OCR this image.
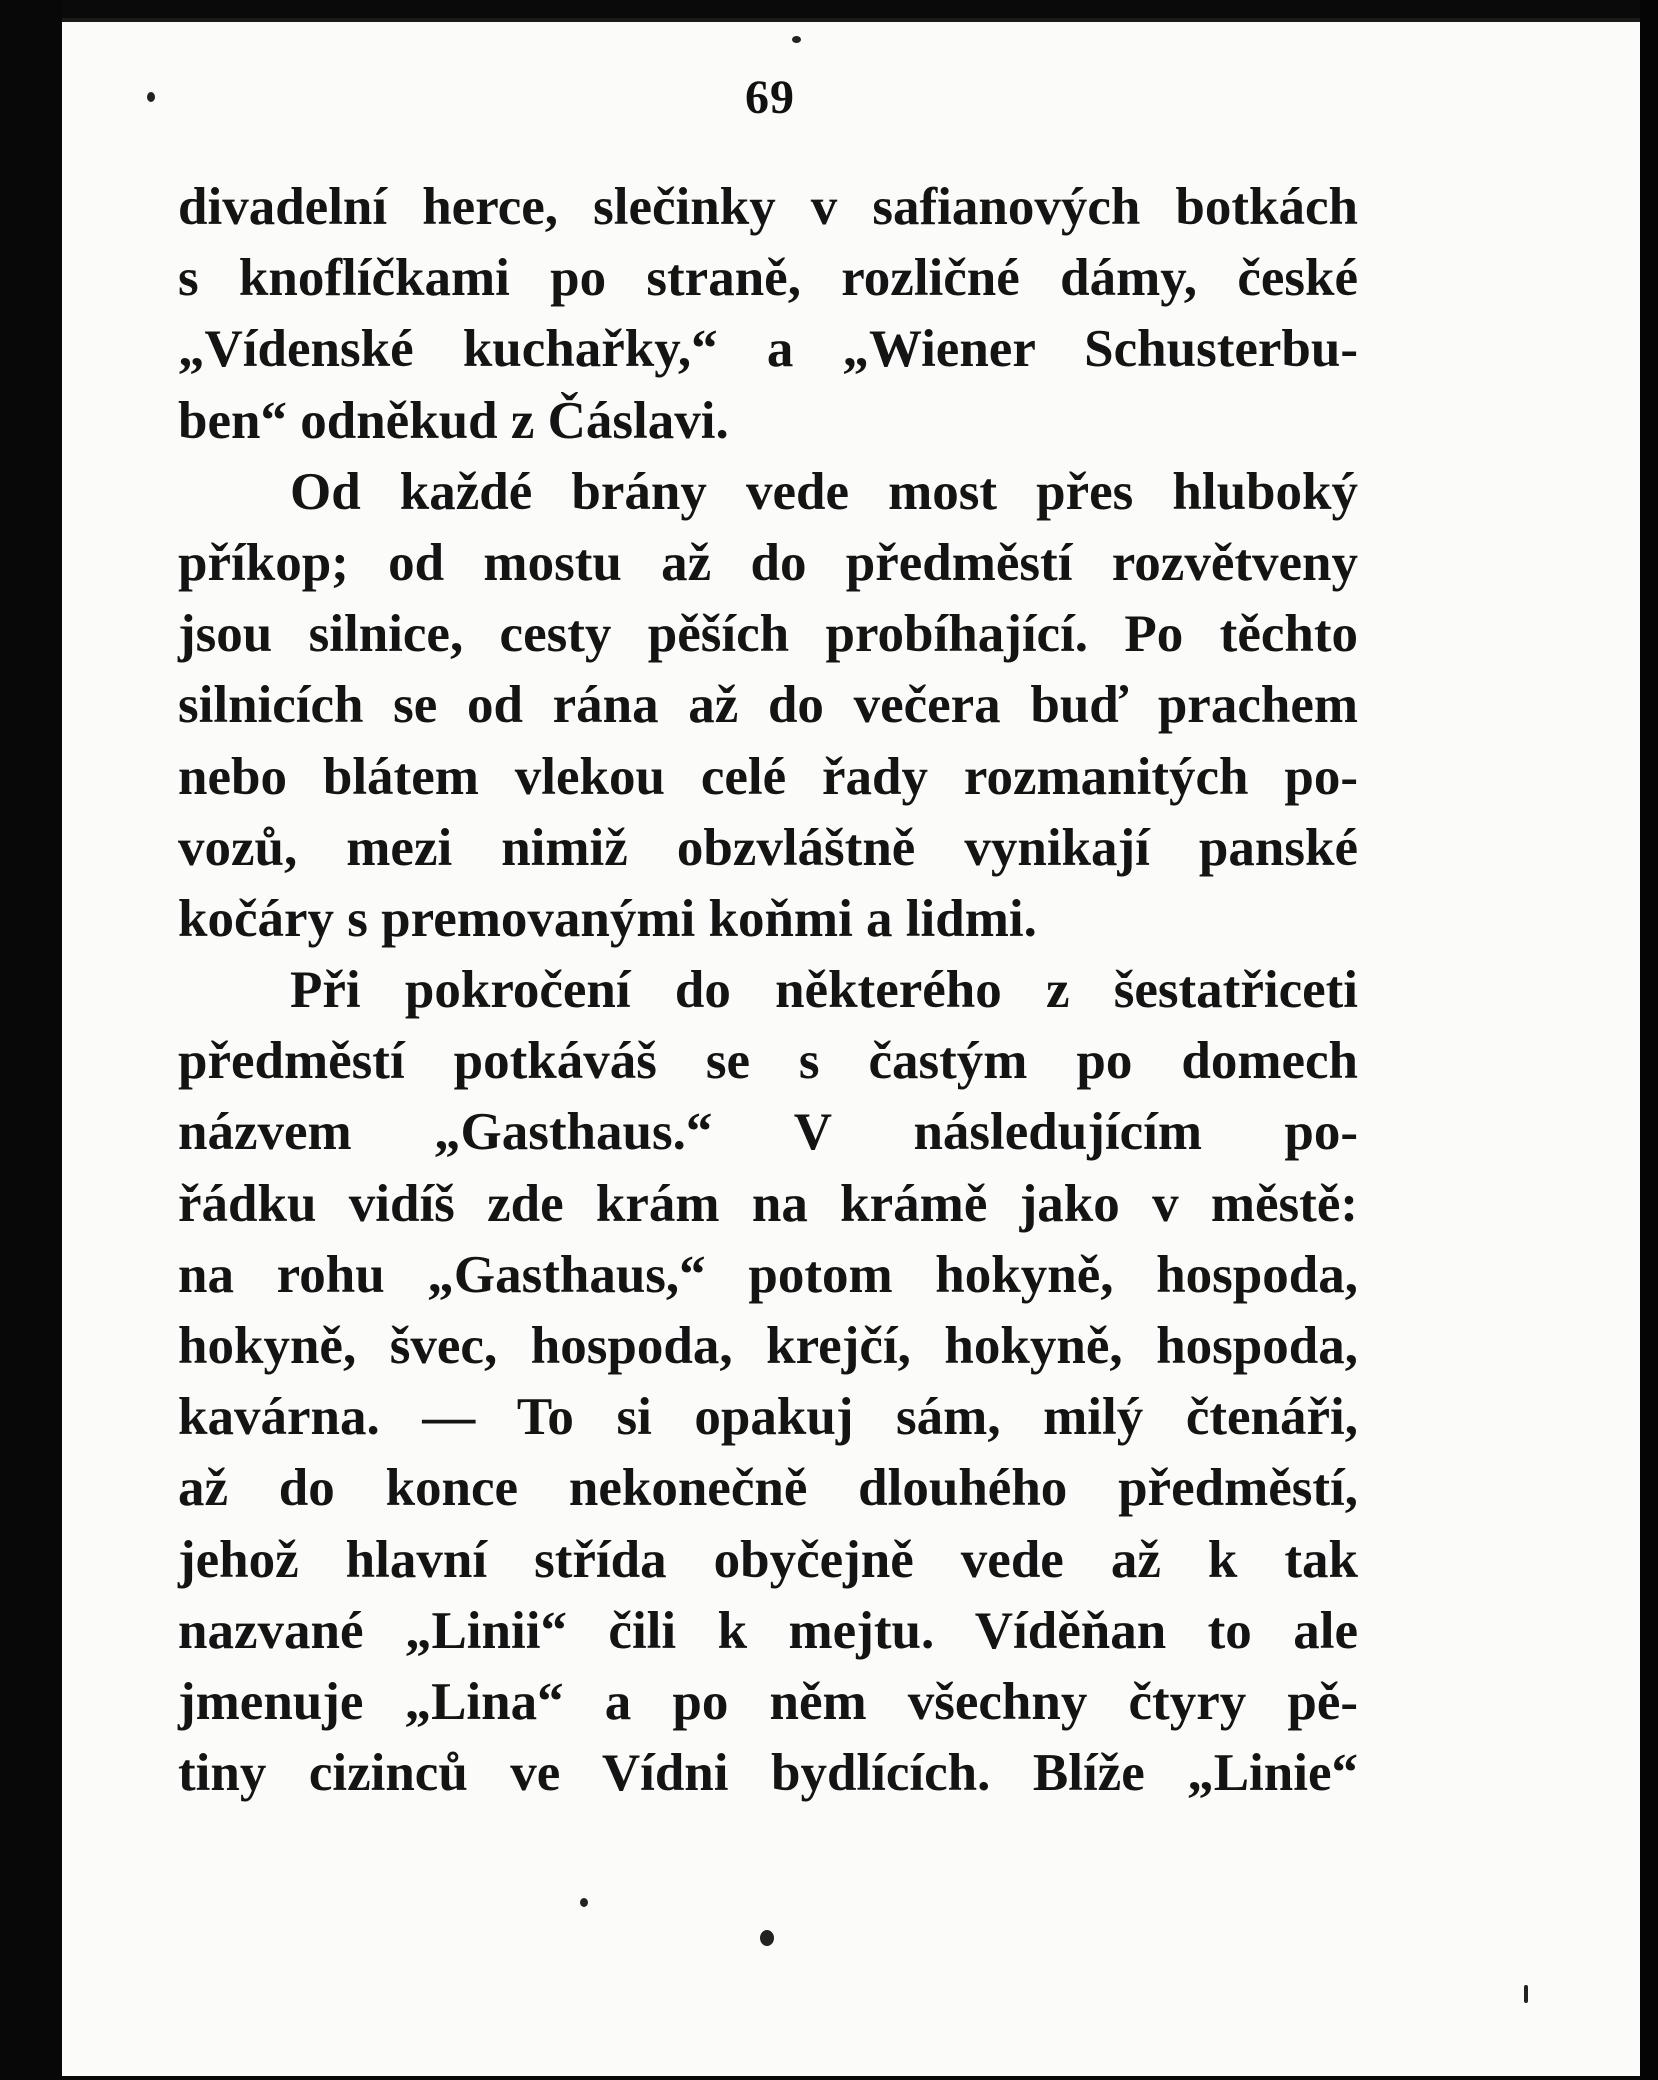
69
divadelní herce, slečinky v safianových botkách
s knoflíčkami po straně, rozličné dámy, české
„Vídenské kuchařky,“ a „Wiener Schusterbu-
ben“ odněkud z Čáslavi.
Od každé brány vede most přes hluboký
příkop; od mostu až do předměstí rozvětveny
jsou silnice, cesty pěších probíhající. Po těchto
silnicích se od rána až do večera buď prachem
nebo blátem vlekou celé řady rozmanitých po-
vozů, mezi nimiž obzvláštně vynikají panské
kočáry s premovanými koňmi a lidmi.
Při pokročení do některého z šestatřiceti
předměstí potkáváš se s častým po domech
názvem „Gasthaus.“ V následujícím po-
řádku vidíš zde krám na krámě jako v městě:
na rohu „Gasthaus,“ potom hokyně, hospoda,
hokyně, švec, hospoda, krejčí, hokyně, hospoda,
kavárna. — To si opakuj sám, milý čtenáři,
až do konce nekonečně dlouhého předměstí,
jehož hlavní střída obyčejně vede až k tak
nazvané „Linii“ čili k mejtu. Víděňan to ale
jmenuje „Lina“ a po něm všechny čtyry pě-
tiny cizinců ve Vídni bydlících. Blíže „Linie“
